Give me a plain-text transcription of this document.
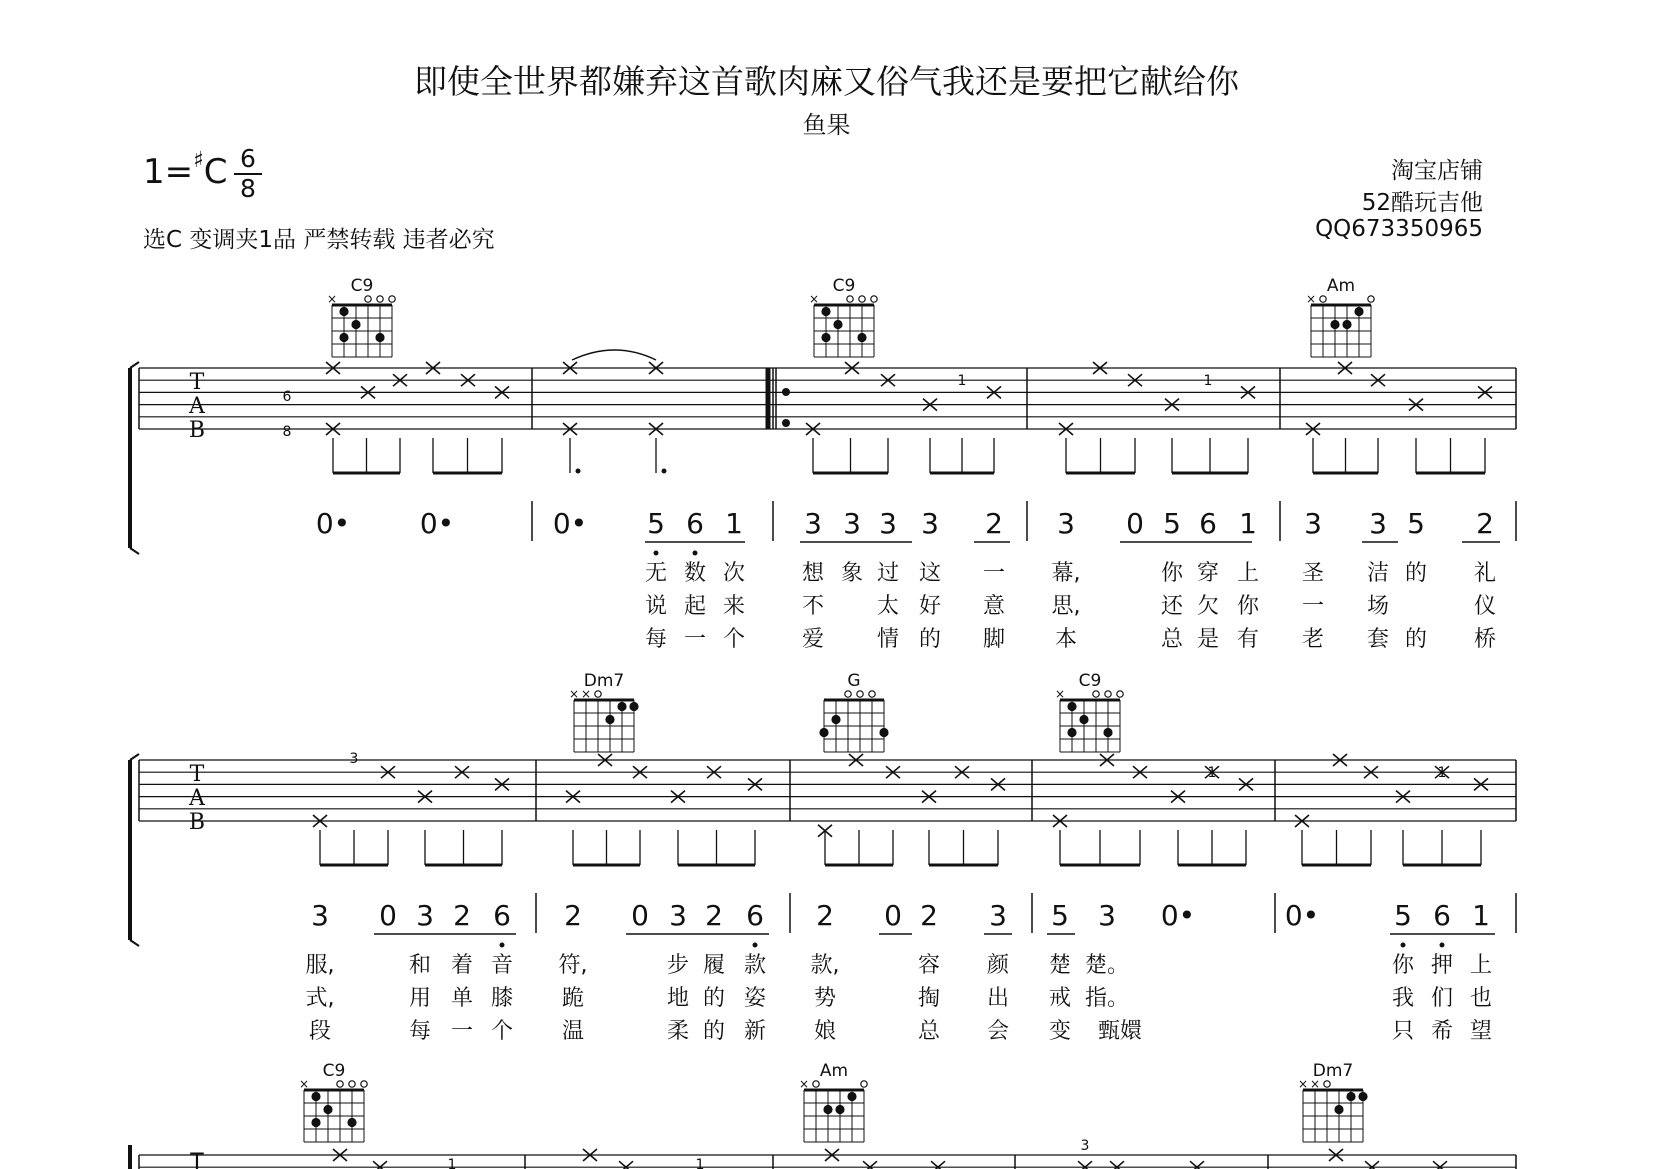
即使全世界都嫌弃这首歌肉麻又俗气我还是要把它献给你
鱼果
1=♯C 6
8
选C 变调夹1品 严禁转载 违者必究
淘宝店铺
52酷玩吉他
QQ673350965
T
A
B
6
8
C9
×
C9
×
Am
×
1	1
0• 0•	0• 5 6 1 3 3 3 3 2 3 0 5 6 1 3 3 5 2
无 数 次	想 象 过 这 一 幕,	你 穿 上 圣 洁 的 礼
说 起 来	不 太 好 意 思,	还 欠 你 一 场	仪
每 一 个	爱 情 的 脚 本	总 是 有 老 套 的 桥
T
A
B
Dm7
× ×
G	C9
×
3
1	1
3 0 3 2 6 2 0 3 2 6 2 0 2 3 5 3 0•	0•	5 6 1
服,	和 着 音 符,	步 履 款 款,	容 颜 楚 楚。	你 押 上
式,	用 单 膝 跪	地 的 姿 势	掏 出 戒 指。	我 们 也
段	每 一 个 温	柔 的 新 娘	总 会 变 甄嬛	只 希 望
T
C9
×
Am
×
Dm7
× ×
1	1
3
